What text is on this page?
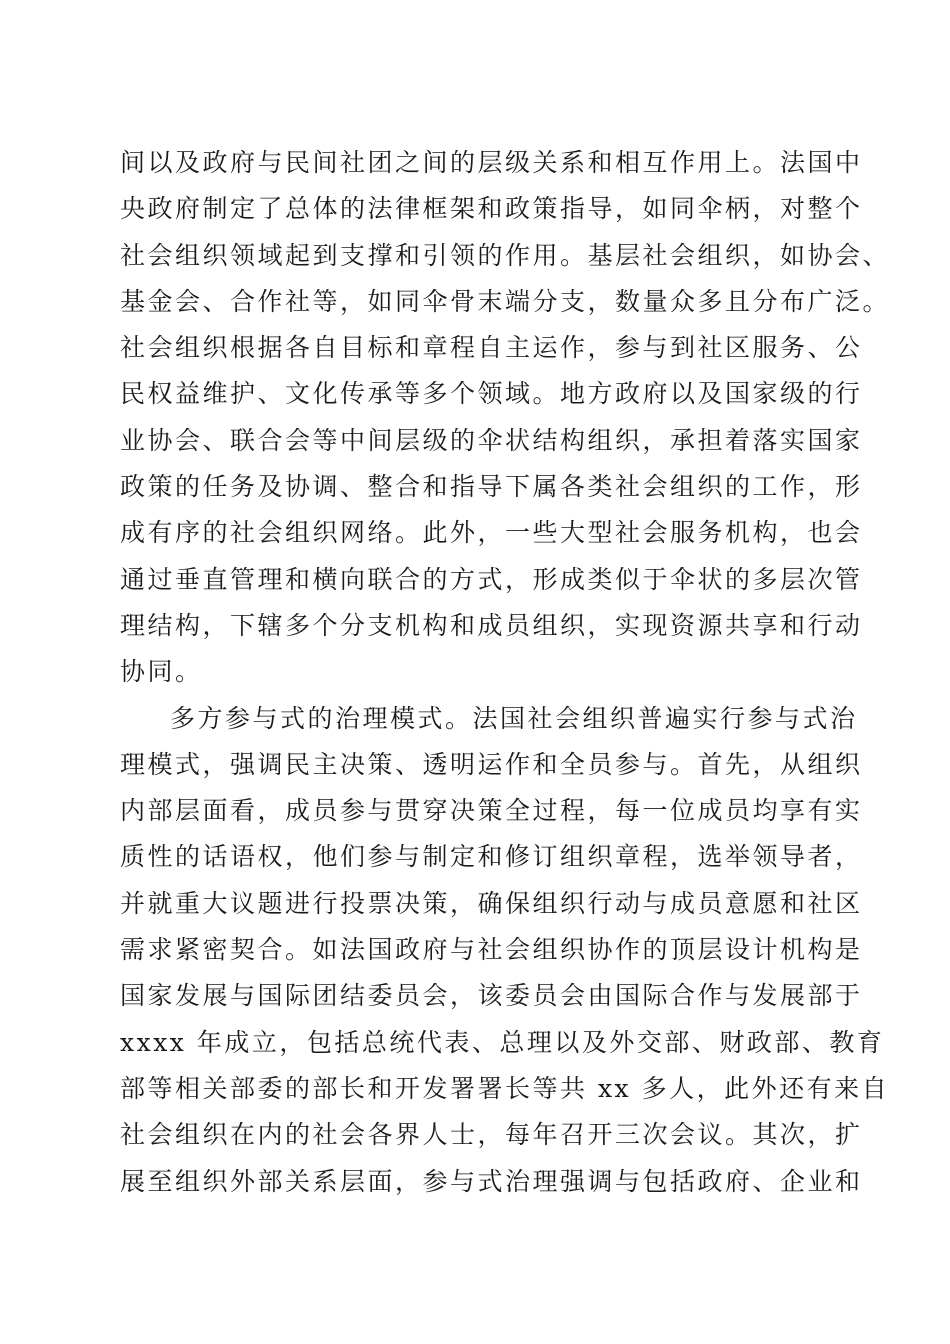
间以及政府与民间社团之间的层级关系和相互作用上。法国中
央政府制定了总体的法律框架和政策指导，如同伞柄，对整个
社会组织领域起到支撑和引领的作用。基层社会组织，如协会、
基金会、合作社等，如同伞骨末端分支，数量众多且分布广泛。
社会组织根据各自目标和章程自主运作，参与到社区服务、公
民权益维护、文化传承等多个领域。地方政府以及国家级的行
业协会、联合会等中间层级的伞状结构组织，承担着落实国家
政策的任务及协调、整合和指导下属各类社会组织的工作，形
成有序的社会组织网络。此外，一些大型社会服务机构，也会
通过垂直管理和横向联合的方式，形成类似于伞状的多层次管
理结构，下辖多个分支机构和成员组织，实现资源共享和行动
协同。
多方参与式的治理模式。法国社会组织普遍实行参与式治
理模式，强调民主决策、透明运作和全员参与。首先，从组织
内部层面看，成员参与贯穿决策全过程，每一位成员均享有实
质性的话语权，他们参与制定和修订组织章程，选举领导者，
并就重大议题进行投票决策，确保组织行动与成员意愿和社区
需求紧密契合。如法国政府与社会组织协作的顶层设计机构是
国家发展与国际团结委员会，该委员会由国际合作与发展部于
xxxx 年成立，包括总统代表、总理以及外交部、财政部、教育
部等相关部委的部长和开发署署长等共 xx 多人，此外还有来自
社会组织在内的社会各界人士，每年召开三次会议。其次，扩
展至组织外部关系层面，参与式治理强调与包括政府、企业和
